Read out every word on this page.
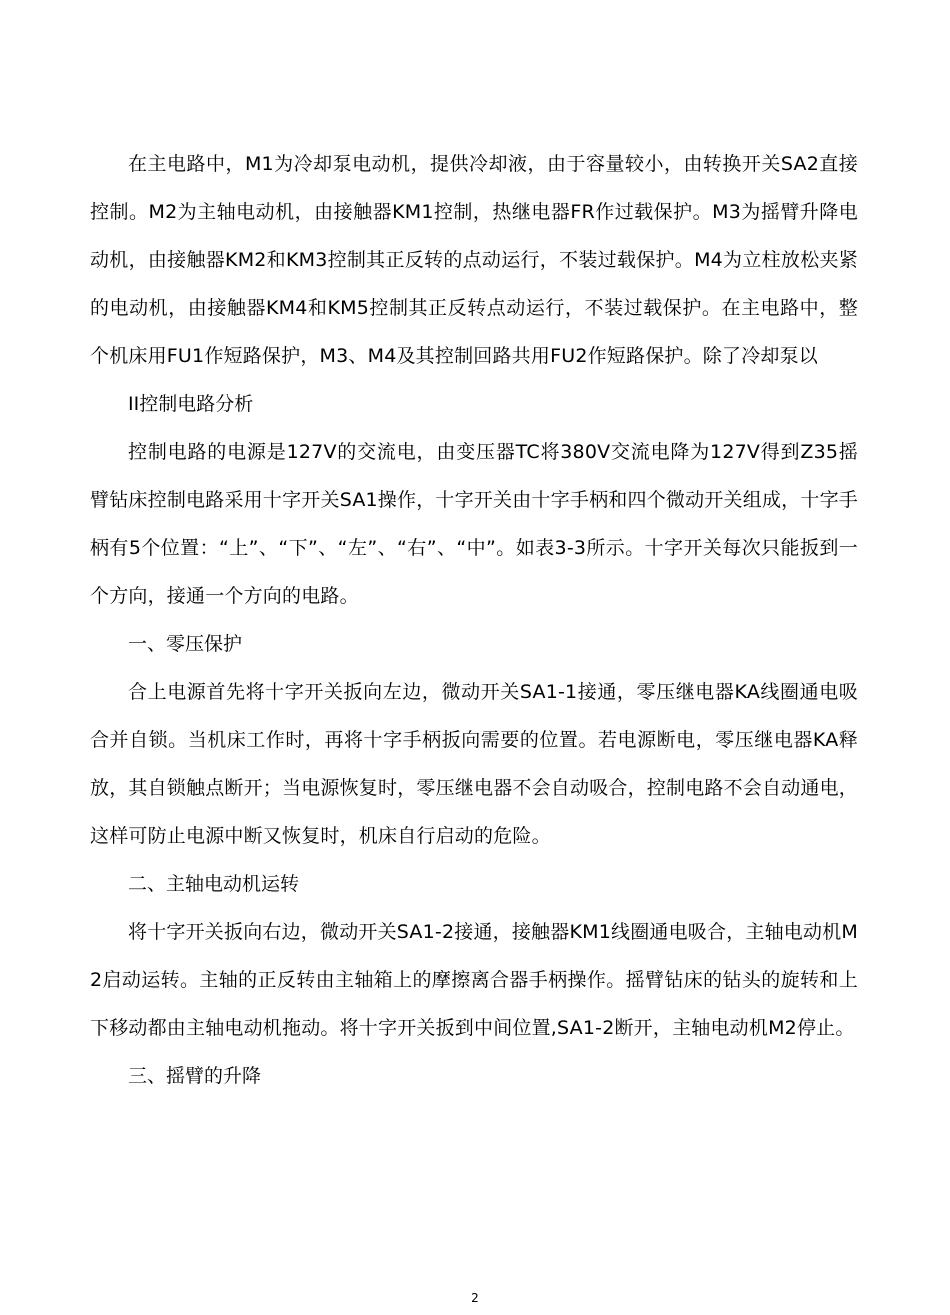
在主电路中，M1为冷却泵电动机，提供冷却液，由于容量较小，由转换开关SA2直接控制。M2为主轴电动机，由接触器KM1控制，热继电器FR作过载保护。M3为摇臂升降电动机，由接触器KM2和KM3控制其正反转的点动运行，不装过载保护。M4为立柱放松夹紧的电动机，由接触器KM4和KM5控制其正反转点动运行，不装过载保护。在主电路中，整个机床用FU1作短路保护，M3、M4及其控制回路共用FU2作短路保护。除了冷却泵以

II控制电路分析

控制电路的电源是127V的交流电，由变压器TC将380V交流电降为127V得到Z35摇臂钻床控制电路采用十字开关SA1操作，十字开关由十字手柄和四个微动开关组成，十字手柄有5个位置：“上”、“下”、“左”、“右”、“中”。如表3-3所示。十字开关每次只能扳到一个方向，接通一个方向的电路。

一、零压保护

合上电源首先将十字开关扳向左边，微动开关SA1-1接通，零压继电器KA线圈通电吸合并自锁。当机床工作时，再将十字手柄扳向需要的位置。若电源断电，零压继电器KA释放，其自锁触点断开；当电源恢复时，零压继电器不会自动吸合，控制电路不会自动通电，这样可防止电源中断又恢复时，机床自行启动的危险。

二、主轴电动机运转

将十字开关扳向右边，微动开关SA1-2接通，接触器KM1线圈通电吸合，主轴电动机M2启动运转。主轴的正反转由主轴箱上的摩擦离合器手柄操作。摇臂钻床的钻头的旋转和上下移动都由主轴电动机拖动。将十字开关扳到中间位置,SA1-2断开，主轴电动机M2停止。

三、摇臂的升降

2
